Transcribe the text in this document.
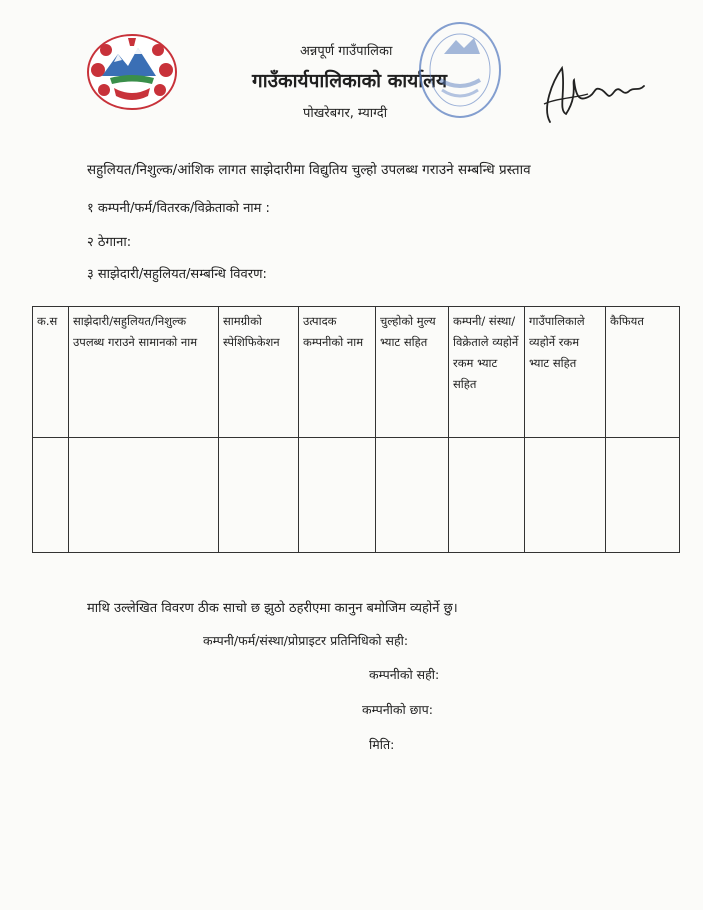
अन्नपूर्ण गाउँपालिका
गाउँकार्यपालिकाको कार्यालय
पोखरेबगर, म्याग्दी
सहुलियत/निशुल्क/आंशिक लागत साझेदारीमा विद्युतिय चुल्हो उपलब्ध गराउने सम्बन्धि प्रस्ताव
१ कम्पनी/फर्म/वितरक/विक्रेताको नाम :
२ ठेगाना:
३ साझेदारी/सहुलियत/सम्बन्धि विवरण:
क.स	साझेदारी/सहुलियत/निशुल्क उपलब्ध गराउने सामानको नाम	सामग्रीको स्पेशिफिकेशन	उत्पादक कम्पनीको नाम	चुल्होको मुल्य भ्याट सहित	कम्पनी/ संस्था/ विक्रेताले व्यहोर्ने रकम भ्याट सहित	गाउँपालिकाले व्यहोर्ने रकम भ्याट सहित	कैफियत

माथि उल्लेखित विवरण ठीक साचो छ झुठो ठहरीएमा कानुन बमोजिम व्यहोर्ने छु।
कम्पनी/फर्म/संस्था/प्रोप्राइटर प्रतिनिधिको सही:
कम्पनीको सही:
कम्पनीको छाप:
मिति:
